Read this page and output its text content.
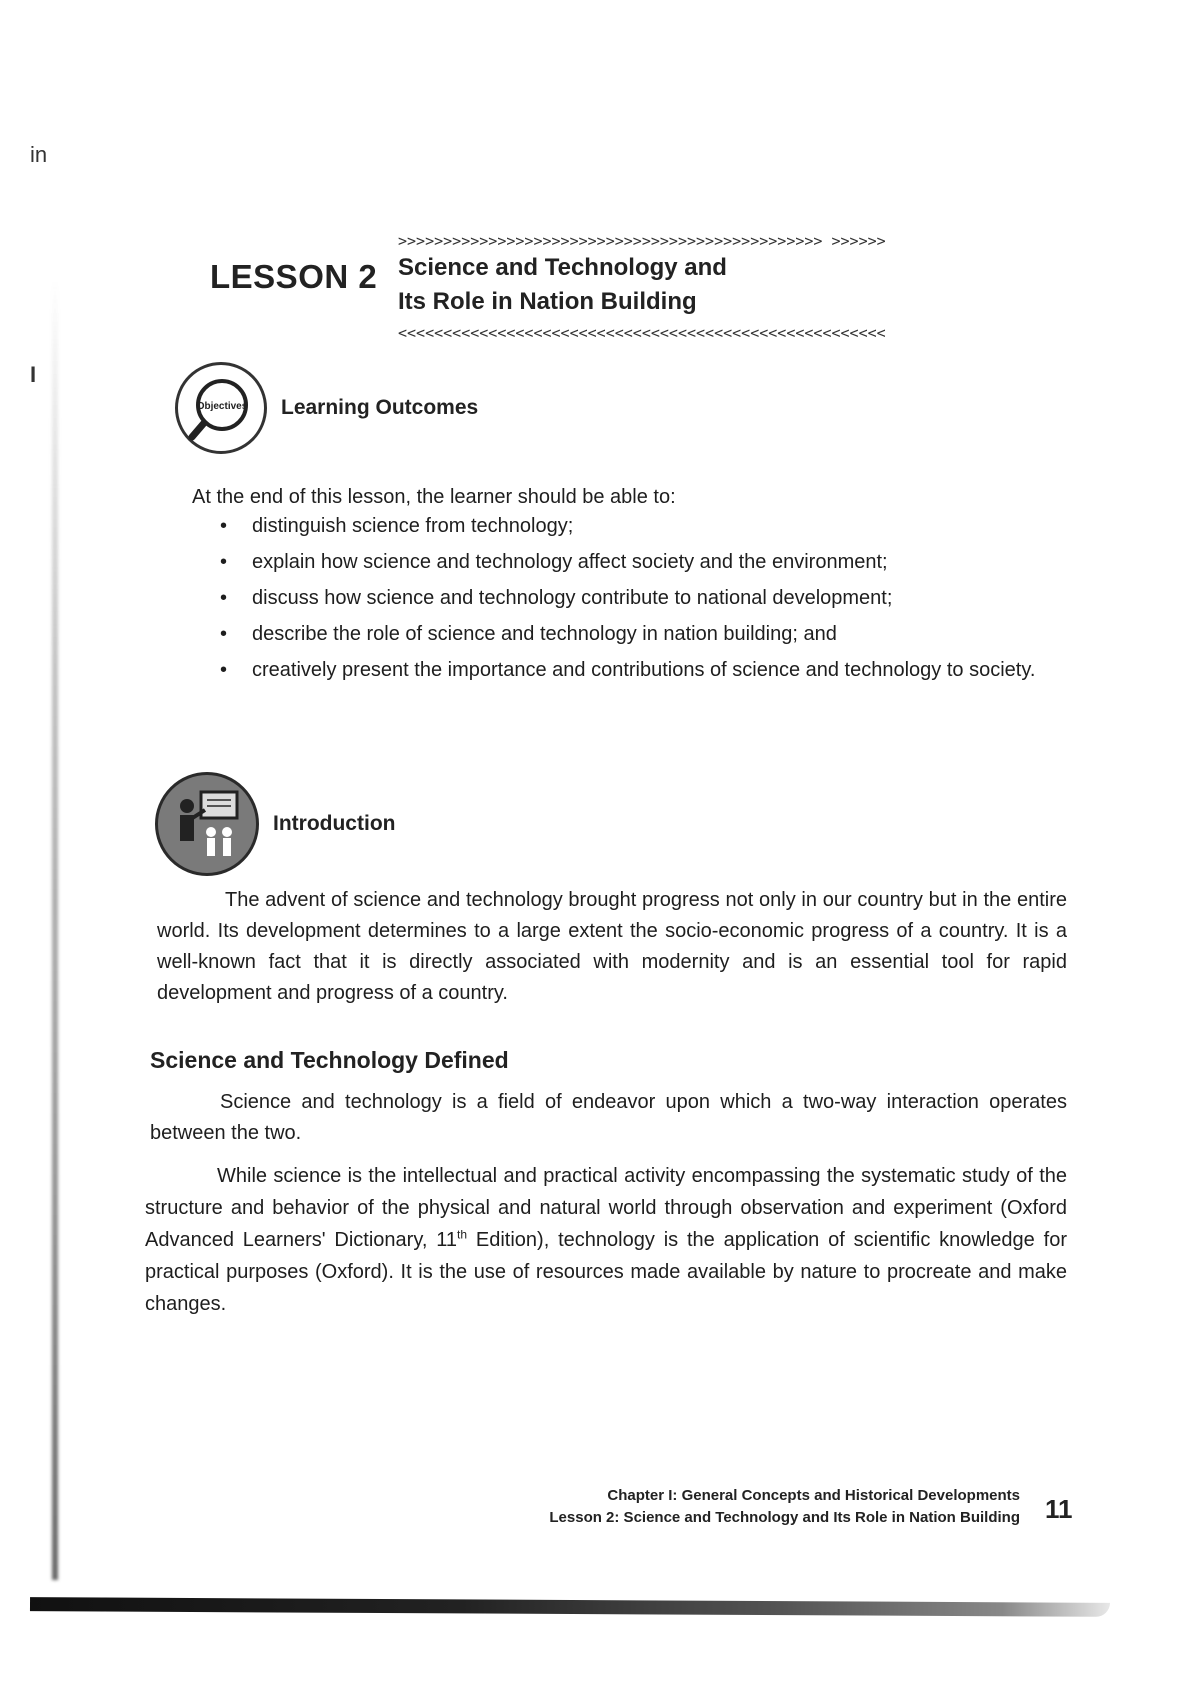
in
I
LESSON 2
>>>>>>>>>>>>>>>>>>>>>>>>>>>>>>>>>>>>>>>>>>>>>>> >>>>>>
Science and Technology and
Its Role in Nation Building
<<<<<<<<<<<<<<<<<<<<<<<<<<<<<<<<<<<<<<<<<<<<<<<<<<<<<<
Objectives Learning Outcomes
At the end of this lesson, the learner should be able to:
• distinguish science from technology;
• explain how science and technology affect society and the environment;
• discuss how science and technology contribute to national development;
• describe the role of science and technology in nation building; and
• creatively present the importance and contributions of science and technology to society.
Introduction
The advent of science and technology brought progress not only in our country but in the entire world. Its development determines to a large extent the socio-economic progress of a country. It is a well-known fact that it is directly associated with modernity and is an essential tool for rapid development and progress of a country.
Science and Technology Defined
Science and technology is a field of endeavor upon which a two-way interaction operates between the two.
While science is the intellectual and practical activity encompassing the systematic study of the structure and behavior of the physical and natural world through observation and experiment (Oxford Advanced Learners' Dictionary, 11th Edition), technology is the application of scientific knowledge for practical purposes (Oxford). It is the use of resources made available by nature to procreate and make changes.
Chapter I: General Concepts and Historical Developments
Lesson 2: Science and Technology and Its Role in Nation Building 11
